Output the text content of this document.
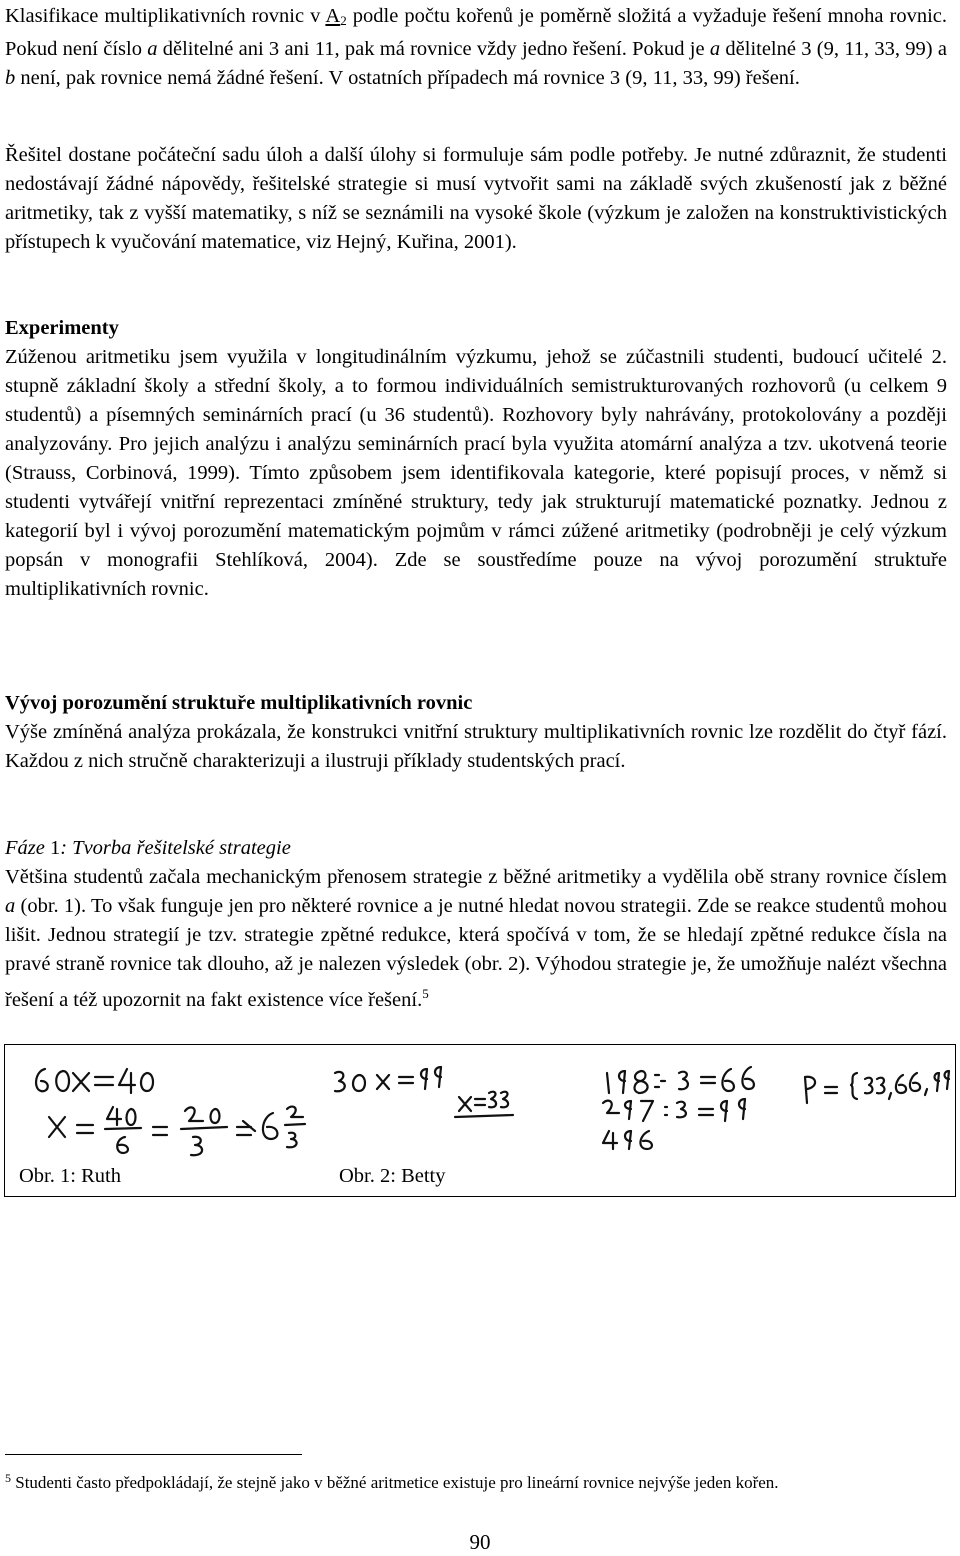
Klasifikace multiplikativních rovnic v $A_2$ podle počtu kořenů je poměrně složitá a vyžaduje řešení mnoha rovnic. Pokud není číslo a dělitelné ani 3 ani 11, pak má rovnice vždy jedno řešení. Pokud je a dělitelné 3 (9, 11, 33, 99) a b není, pak rovnice nemá žádné řešení. V ostatních případech má rovnice 3 (9, 11, 33, 99) řešení.
Řešitel dostane počáteční sadu úloh a další úlohy si formuluje sám podle potřeby. Je nutné zdůraznit, že studenti nedostávají žádné nápovědy, řešitelské strategie si musí vytvořit sami na základě svých zkušeností jak z běžné aritmetiky, tak z vyšší matematiky, s níž se seznámili na vysoké škole (výzkum je založen na konstruktivistických přístupech k vyučování matematice, viz Hejný, Kuřina, 2001).
Experimenty
Zúženou aritmetiku jsem využila v longitudinálním výzkumu, jehož se zúčastnili studenti, budoucí učitelé 2. stupně základní školy a střední školy, a to formou individuálních semistrukturovaných rozhovorů (u celkem 9 studentů) a písemných seminárních prací (u 36 studentů). Rozhovory byly nahrávány, protokolovány a později analyzovány. Pro jejich analýzu i analýzu seminárních prací byla využita atomární analýza a tzv. ukotvená teorie (Strauss, Corbinová, 1999). Tímto způsobem jsem identifikovala kategorie, které popisují proces, v němž si studenti vytvářejí vnitřní reprezentaci zmíněné struktury, tedy jak strukturují matematické poznatky. Jednou z kategorií byl i vývoj porozumění matematickým pojmům v rámci zúžené aritmetiky (podrobněji je celý výzkum popsán v monografii Stehlíková, 2004). Zde se soustředíme pouze na vývoj porozumění struktuře multiplikativních rovnic.
Vývoj porozumění struktuře multiplikativních rovnic
Výše zmíněná analýza prokázala, že konstrukci vnitřní struktury multiplikativních rovnic lze rozdělit do čtyř fází. Každou z nich stručně charakterizuji a ilustruji příklady studentských prací.
Fáze 1: Tvorba řešitelské strategie
Většina studentů začala mechanickým přenosem strategie z běžné aritmetiky a vydělila obě strany rovnice číslem a (obr. 1). To však funguje jen pro některé rovnice a je nutné hledat novou strategii. Zde se reakce studentů mohou lišit. Jednou strategií je tzv. strategie zpětné redukce, která spočívá v tom, že se hledají zpětné redukce čísla na pravé straně rovnice tak dlouho, až je nalezen výsledek (obr. 2). Výhodou strategie je, že umožňuje nalézt všechna řešení a též upozornit na fakt existence více řešení.$^5$
Obr. 1: Ruth	Obr. 2: Betty
$^5$ Studenti často předpokládají, že stejně jako v běžné aritmetice existuje pro lineární rovnice nejvýše jeden kořen.
90
